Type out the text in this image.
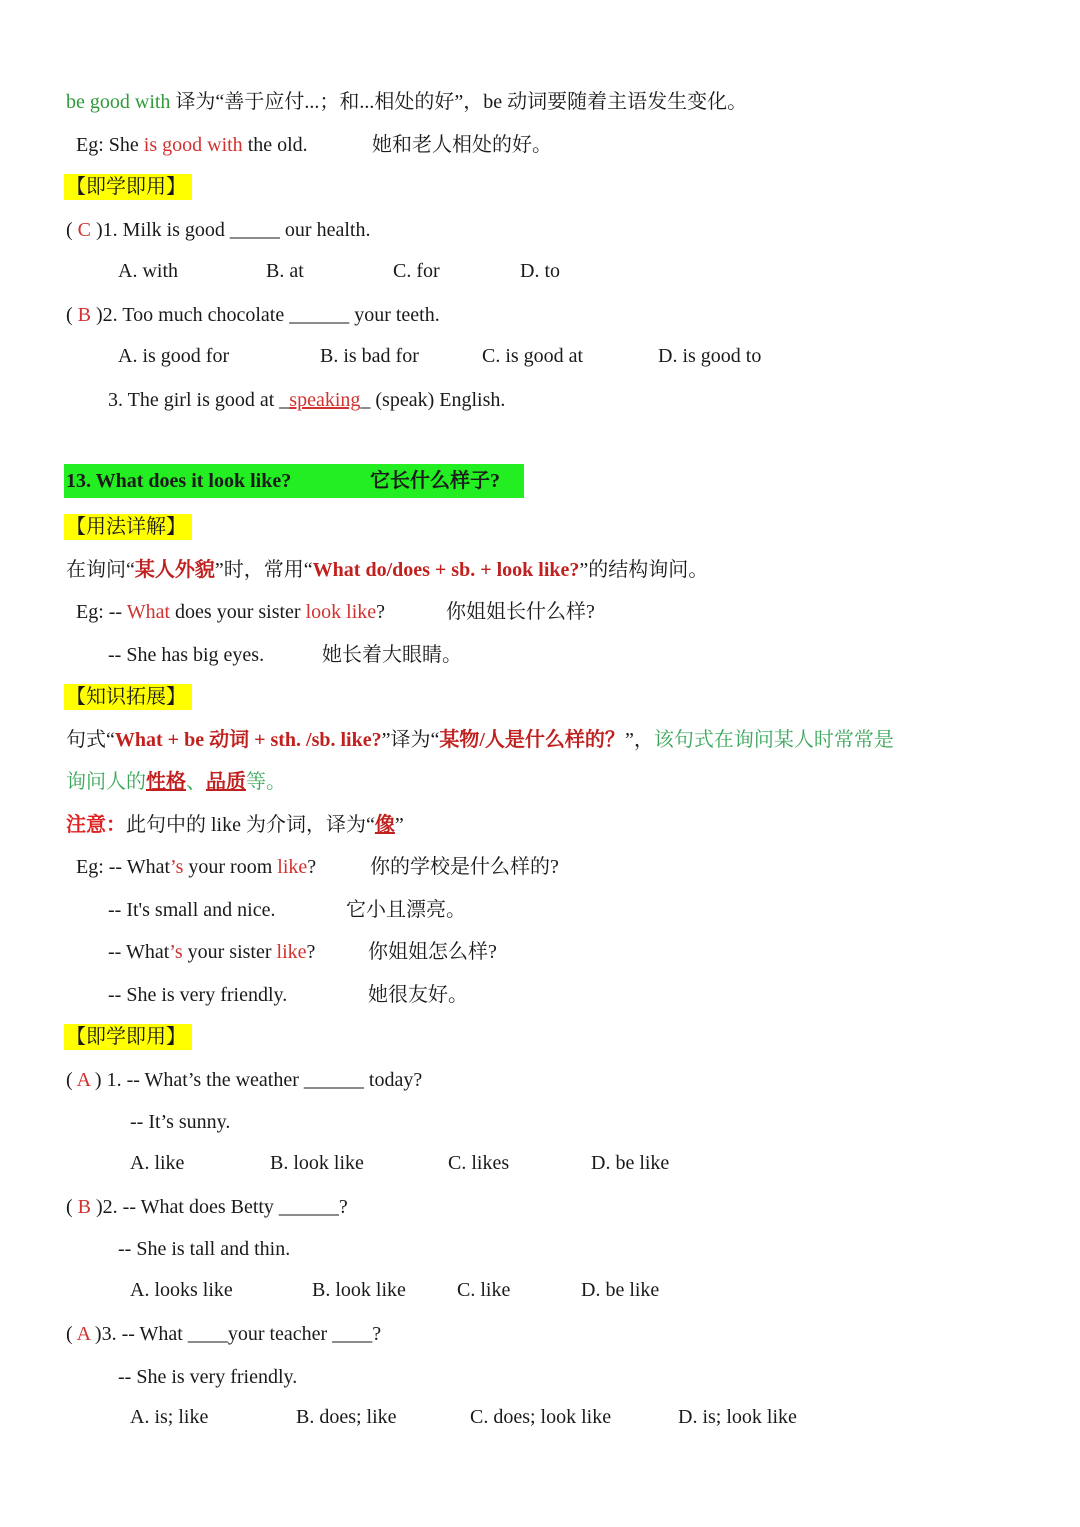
be good with 译为“善于应付...；和...相处的好”，be 动词要随着主语发生变化。
Eg: She is good with the old.	她和老人相处的好。
【即学即用】
( C )1. Milk is good _____ our health.
A. with	B. at	C. for	D. to
( B )2. Too much chocolate ______ your teeth.
A. is good for	B. is bad for	C. is good at	D. is good to
3. The girl is good at _speaking_ (speak) English.
13. What does it look like?	它长什么样子?
【用法详解】
在询问“某人外貌”时，常用“What do/does + sb. + look like?”的结构询问。
Eg: -- What does your sister look like?	你姐姐长什么样?
-- She has big eyes.	她长着大眼睛。
【知识拓展】
句式“What + be 动词 + sth. /sb. like?”译为“某物/人是什么样的？”，该句式在询问某人时常常是
询问人的性格、品质等。
注意：此句中的 like 为介词，译为“像”
Eg: -- What’s your room like?	你的学校是什么样的?
-- It's small and nice.	它小且漂亮。
-- What’s your sister like?	你姐姐怎么样?
-- She is very friendly.	她很友好。
【即学即用】
( A ) 1. -- What’s the weather ______ today?
-- It’s sunny.
A. like	B. look like	C. likes	D. be like
( B )2. -- What does Betty ______?
-- She is tall and thin.
A. looks like	B. look like	C. like	D. be like
( A )3. -- What ____your teacher ____?
-- She is very friendly.
A. is; like	B. does; like	C. does; look like	D. is; look like
